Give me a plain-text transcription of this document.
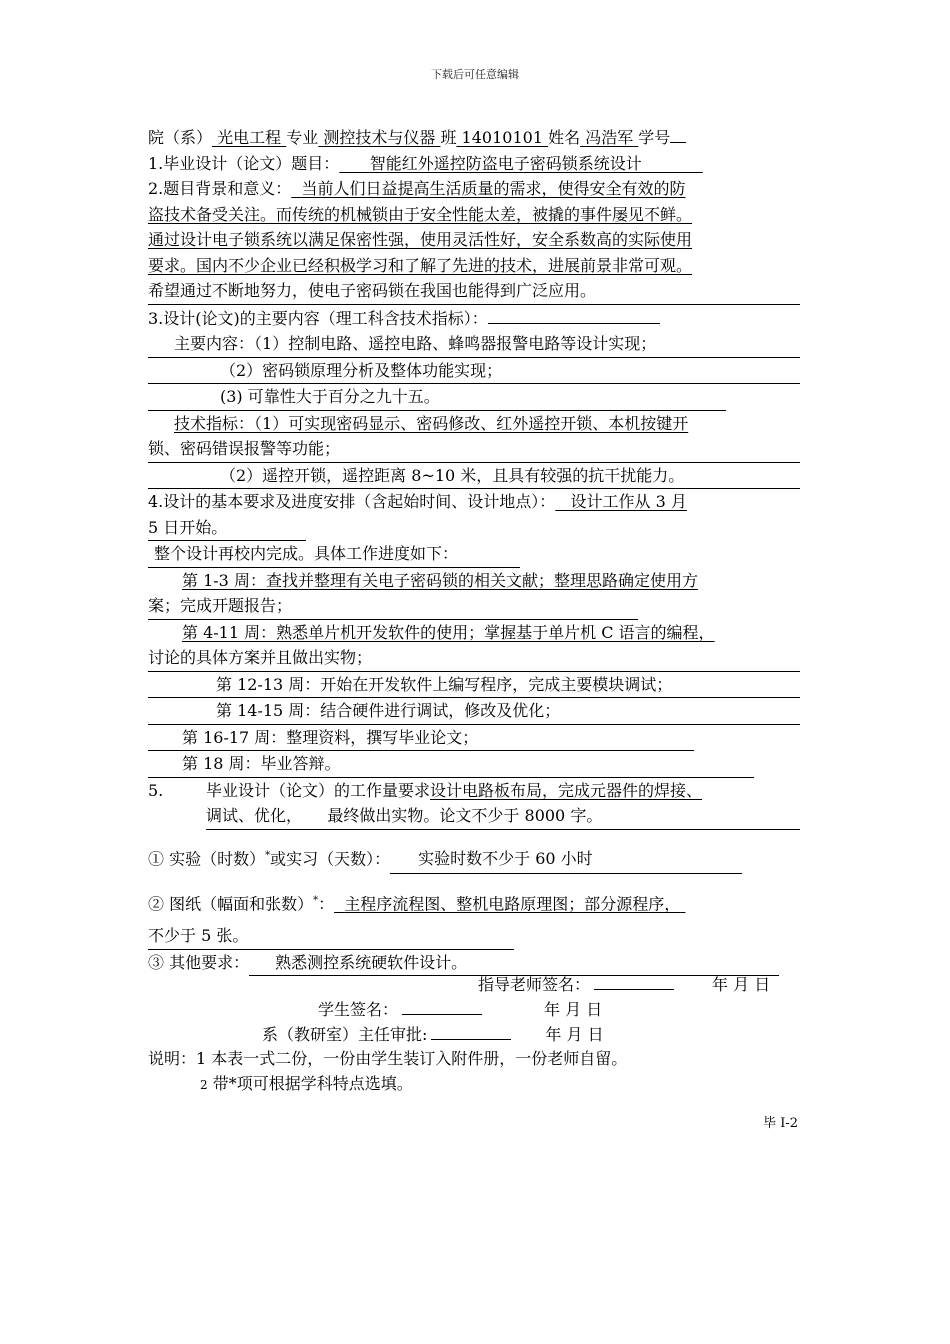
下载后可任意编辑
院（系） 光电工程 专业 测控技术与仪器 班 14010101 姓名 冯浩军 学号
1.毕业设计（论文）题目： 智能红外遥控防盗电子密码锁系统设计
2.题目背景和意义： 当前人们日益提高生活质量的需求，使得安全有效的防
盗技术备受关注。而传统的机械锁由于安全性能太差，被撬的事件屡见不鲜。
通过设计电子锁系统以满足保密性强，使用灵活性好，安全系数高的实际使用
要求。国内不少企业已经积极学习和了解了先进的技术，进展前景非常可观。
希望通过不断地努力，使电子密码锁在我国也能得到广泛应用。
3.设计(论文)的主要内容（理工科含技术指标）：
主要内容：（1）控制电路、遥控电路、蜂鸣器报警电路等设计实现；
（2）密码锁原理分析及整体功能实现；
(3) 可靠性大于百分之九十五。
技术指标：（1）可实现密码显示、密码修改、红外遥控开锁、本机按键开
锁、密码错误报警等功能；
（2）遥控开锁，遥控距离 8~10 米，且具有较强的抗干扰能力。
4.设计的基本要求及进度安排（含起始时间、设计地点）： 设计工作从 3 月
5 日开始。
整个设计再校内完成。具体工作进度如下：
第 1-3 周：查找并整理有关电子密码锁的相关文献；整理思路确定使用方
案；完成开题报告；
第 4-11 周：熟悉单片机开发软件的使用；掌握基于单片机 C 语言的编程，
讨论的具体方案并且做出实物；
第 12-13 周：开始在开发软件上编写程序，完成主要模块调试；
第 14-15 周：结合硬件进行调试，修改及优化；
第 16-17 周：整理资料，撰写毕业论文；
第 18 周：毕业答辩。
5.	毕业设计（论文）的工作量要求设计电路板布局，完成元器件的焊接、
调试、优化，     最终做出实物。论文不少于 8000 字。
① 实验（时数）*或实习（天数）： 实验时数不少于 60 小时
② 图纸（幅面和张数）*： 主程序流程图、整机电路原理图；部分源程序，
不少于 5 张。
③ 其他要求： 熟悉测控系统硬软件设计。
指导老师签名：	年 月 日
学生签名：	年 月 日
系（教研室）主任审批:	年 月 日
说明：1 本表一式二份，一份由学生装订入附件册，一份老师自留。
2 带*项可根据学科特点选填。
毕 I-2
